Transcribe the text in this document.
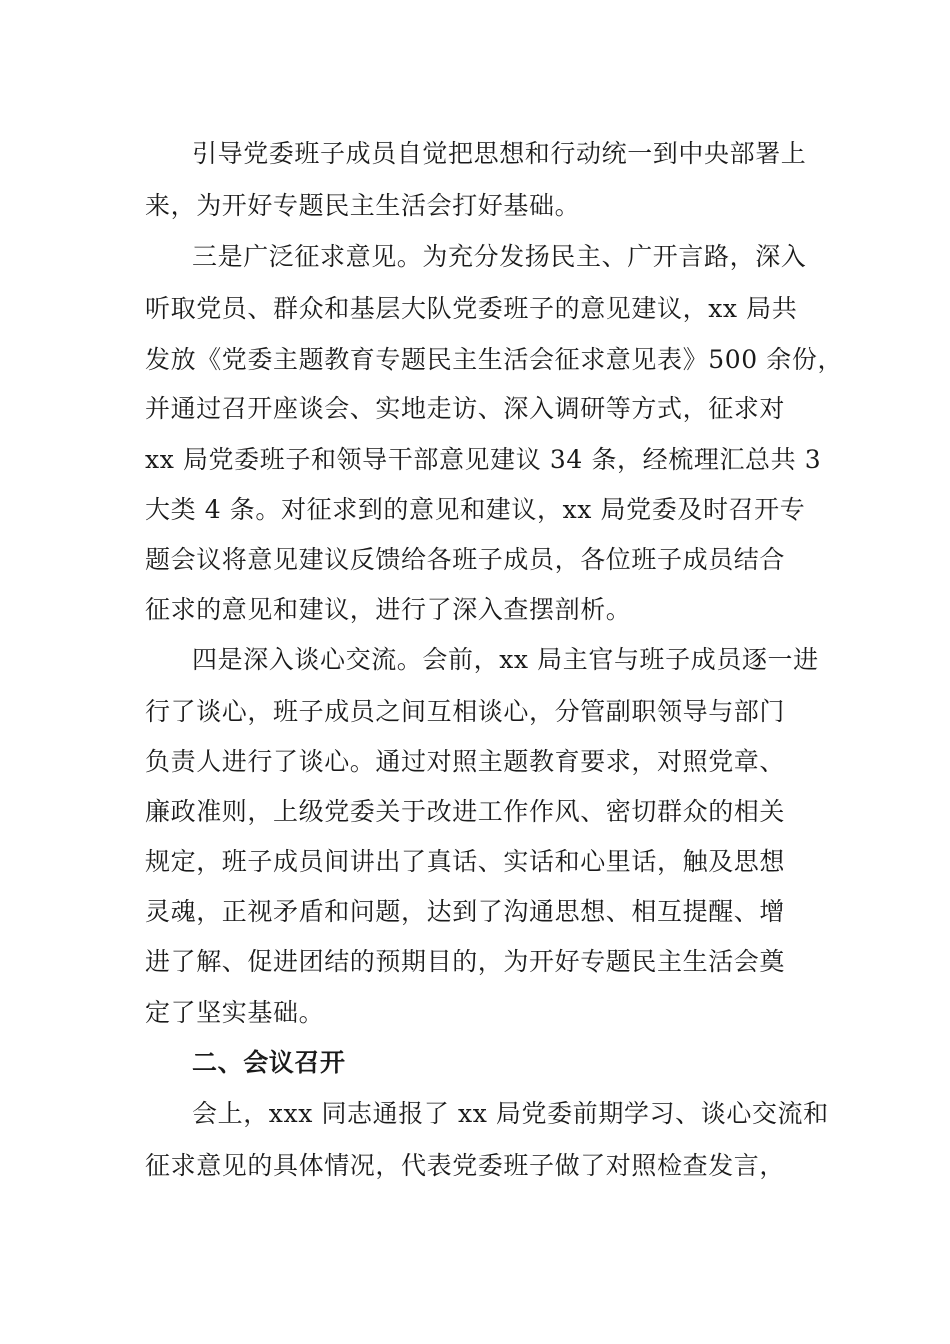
引导党委班子成员自觉把思想和行动统一到中央部署上
来，为开好专题民主生活会打好基础。
三是广泛征求意见。为充分发扬民主、广开言路，深入
听取党员、群众和基层大队党委班子的意见建议，xx 局共
发放《党委主题教育专题民主生活会征求意见表》500 余份，
并通过召开座谈会、实地走访、深入调研等方式，征求对
xx 局党委班子和领导干部意见建议 34 条，经梳理汇总共 3
大类 4 条。对征求到的意见和建议，xx 局党委及时召开专
题会议将意见建议反馈给各班子成员，各位班子成员结合
征求的意见和建议，进行了深入查摆剖析。
四是深入谈心交流。会前，xx 局主官与班子成员逐一进
行了谈心，班子成员之间互相谈心，分管副职领导与部门
负责人进行了谈心。通过对照主题教育要求，对照党章、
廉政准则，上级党委关于改进工作作风、密切群众的相关
规定，班子成员间讲出了真话、实话和心里话，触及思想
灵魂，正视矛盾和问题，达到了沟通思想、相互提醒、增
进了解、促进团结的预期目的，为开好专题民主生活会奠
定了坚实基础。
二、会议召开
会上，xxx 同志通报了 xx 局党委前期学习、谈心交流和
征求意见的具体情况，代表党委班子做了对照检查发言，
